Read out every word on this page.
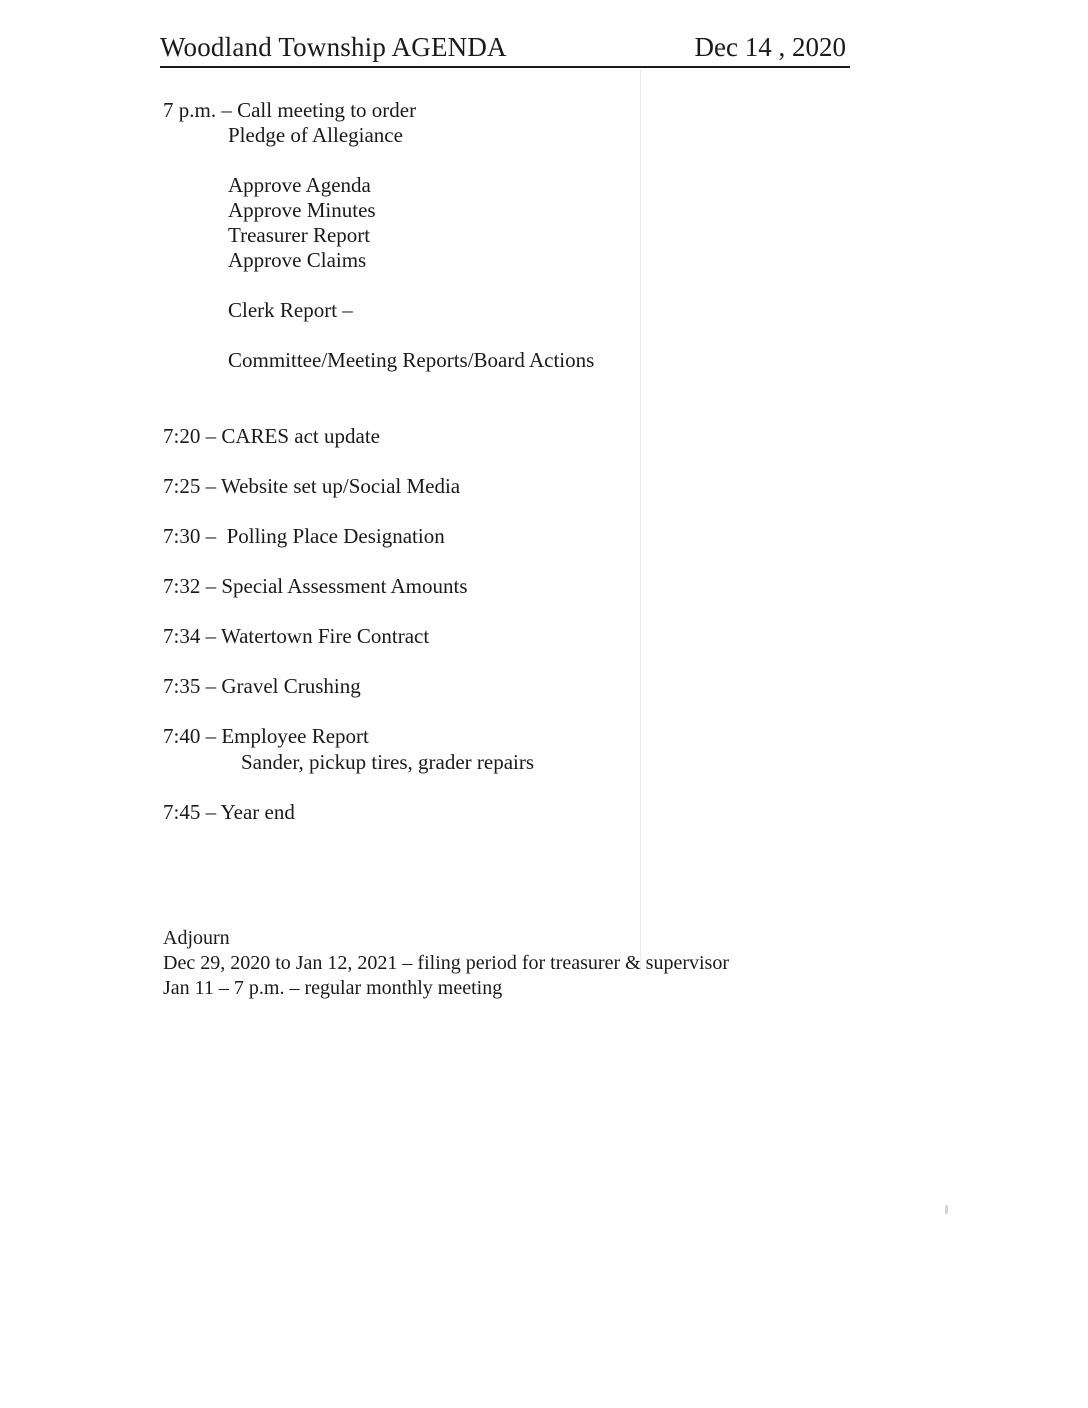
Woodland Township AGENDA	Dec 14 , 2020
7 p.m. – Call meeting to order
Pledge of Allegiance
Approve Agenda
Approve Minutes
Treasurer Report
Approve Claims
Clerk Report –
Committee/Meeting Reports/Board Actions
7:20 – CARES act update
7:25 – Website set up/Social Media
7:30 –  Polling Place Designation
7:32 – Special Assessment Amounts
7:34 – Watertown Fire Contract
7:35 – Gravel Crushing
7:40 – Employee Report
Sander, pickup tires, grader repairs
7:45 – Year end
Adjourn
Dec 29, 2020 to Jan 12, 2021 – filing period for treasurer & supervisor
Jan 11 – 7 p.m. – regular monthly meeting
